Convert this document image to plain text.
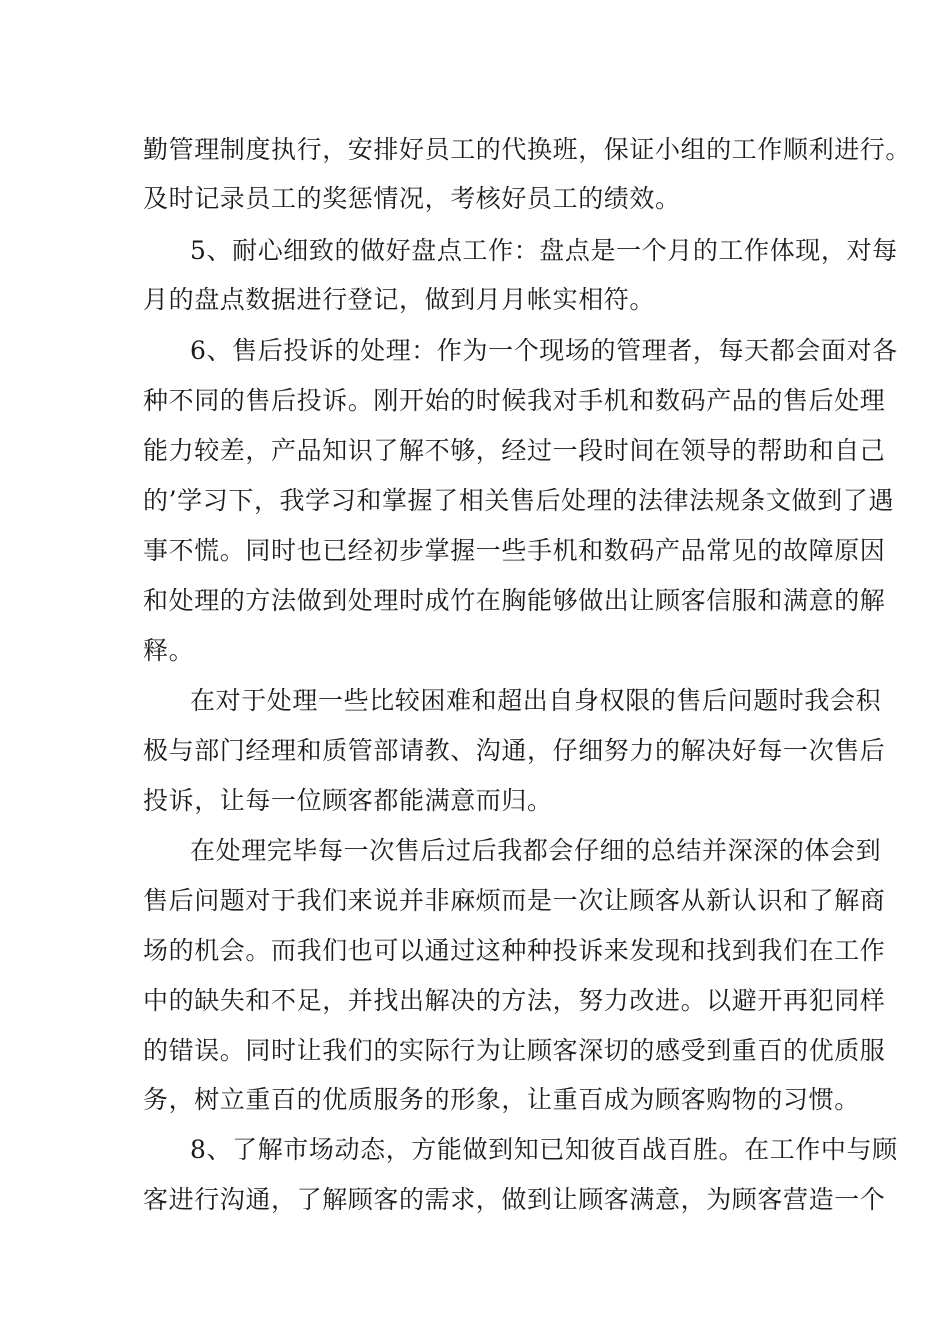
勤管理制度执行，安排好员工的代换班，保证小组的工作顺利进行。
及时记录员工的奖惩情况，考核好员工的绩效。
5、耐心细致的做好盘点工作：盘点是一个月的工作体现，对每
月的盘点数据进行登记，做到月月帐实相符。
6、售后投诉的处理：作为一个现场的管理者，每天都会面对各
种不同的售后投诉。刚开始的时候我对手机和数码产品的售后处理
能力较差，产品知识了解不够，经过一段时间在领导的帮助和自己
的’学习下，我学习和掌握了相关售后处理的法律法规条文做到了遇
事不慌。同时也已经初步掌握一些手机和数码产品常见的故障原因
和处理的方法做到处理时成竹在胸能够做出让顾客信服和满意的解
释。
在对于处理一些比较困难和超出自身权限的售后问题时我会积
极与部门经理和质管部请教、沟通，仔细努力的解决好每一次售后
投诉，让每一位顾客都能满意而归。
在处理完毕每一次售后过后我都会仔细的总结并深深的体会到
售后问题对于我们来说并非麻烦而是一次让顾客从新认识和了解商
场的机会。而我们也可以通过这种种投诉来发现和找到我们在工作
中的缺失和不足，并找出解决的方法，努力改进。以避开再犯同样
的错误。同时让我们的实际行为让顾客深切的感受到重百的优质服
务，树立重百的优质服务的形象，让重百成为顾客购物的习惯。
8、了解市场动态，方能做到知已知彼百战百胜。在工作中与顾
客进行沟通，了解顾客的需求，做到让顾客满意，为顾客营造一个
